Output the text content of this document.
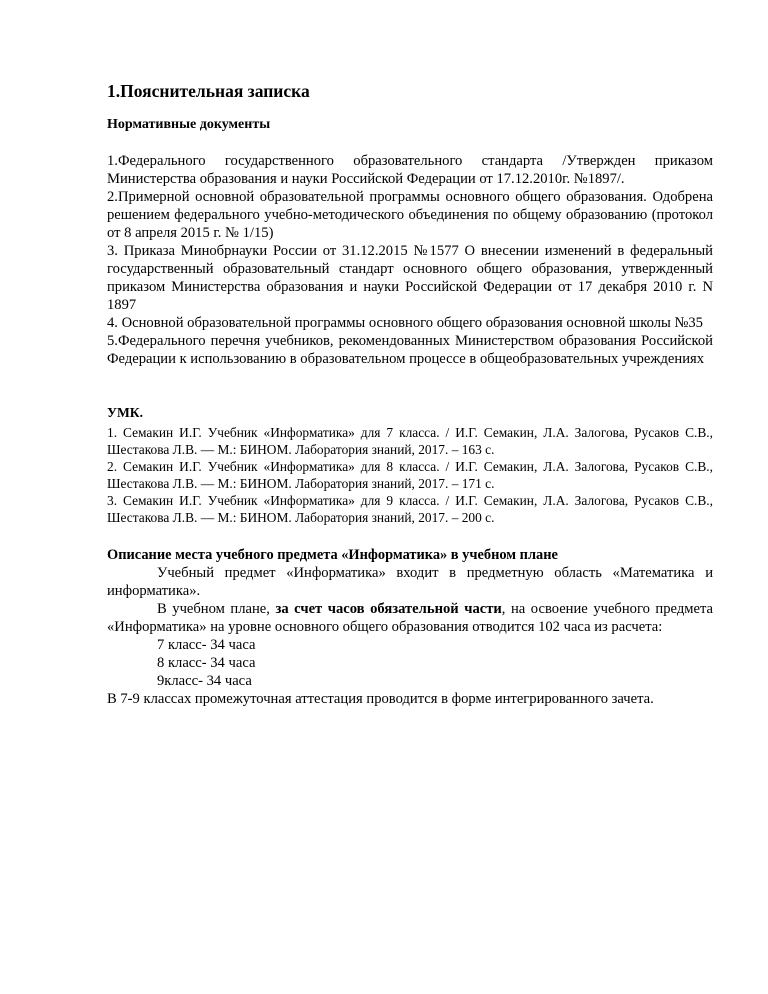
1.Пояснительная записка
Нормативные документы

1.Федерального государственного образовательного стандарта /Утвержден приказом Министерства образования и науки Российской Федерации от 17.12.2010г. №1897/.

2.Примерной основной образовательной программы основного общего образования. Одобрена решением федерального учебно-методического объединения по общему образованию (протокол от 8 апреля 2015 г. № 1/15)

3. Приказа Минобрнауки России от 31.12.2015 №1577 О внесении изменений в федеральный государственный образовательный стандарт основного общего образования, утвержденный приказом Министерства образования и науки Российской Федерации от 17 декабря 2010 г. N 1897

4. Основной образовательной программы основного общего образования основной школы №35

5.Федерального перечня учебников, рекомендованных Министерством образования Российской Федерации к использованию в образовательном процессе в общеобразовательных учреждениях

УМК.

1. Семакин И.Г. Учебник «Информатика» для 7 класса. / И.Г. Семакин, Л.А. Залогова, Русаков С.В., Шестакова Л.В. — М.: БИНОМ. Лаборатория знаний, 2017. – 163 с.

2. Семакин И.Г. Учебник «Информатика» для 8 класса. / И.Г. Семакин, Л.А. Залогова, Русаков С.В., Шестакова Л.В. — М.: БИНОМ. Лаборатория знаний, 2017. – 171 с.

3. Семакин И.Г. Учебник «Информатика» для 9 класса. / И.Г. Семакин, Л.А. Залогова, Русаков С.В., Шестакова Л.В. — М.: БИНОМ. Лаборатория знаний, 2017. – 200 с.

Описание места учебного предмета «Информатика» в учебном плане

Учебный предмет «Информатика» входит в предметную область «Математика и информатика».

В учебном плане, за счет часов обязательной части, на освоение учебного предмета «Информатика» на уровне основного общего образования отводится 102 часа из расчета:

7 класс- 34 часа

8 класс- 34 часа

9класс- 34 часа

В 7-9 классах промежуточная аттестация проводится в форме интегрированного зачета.
